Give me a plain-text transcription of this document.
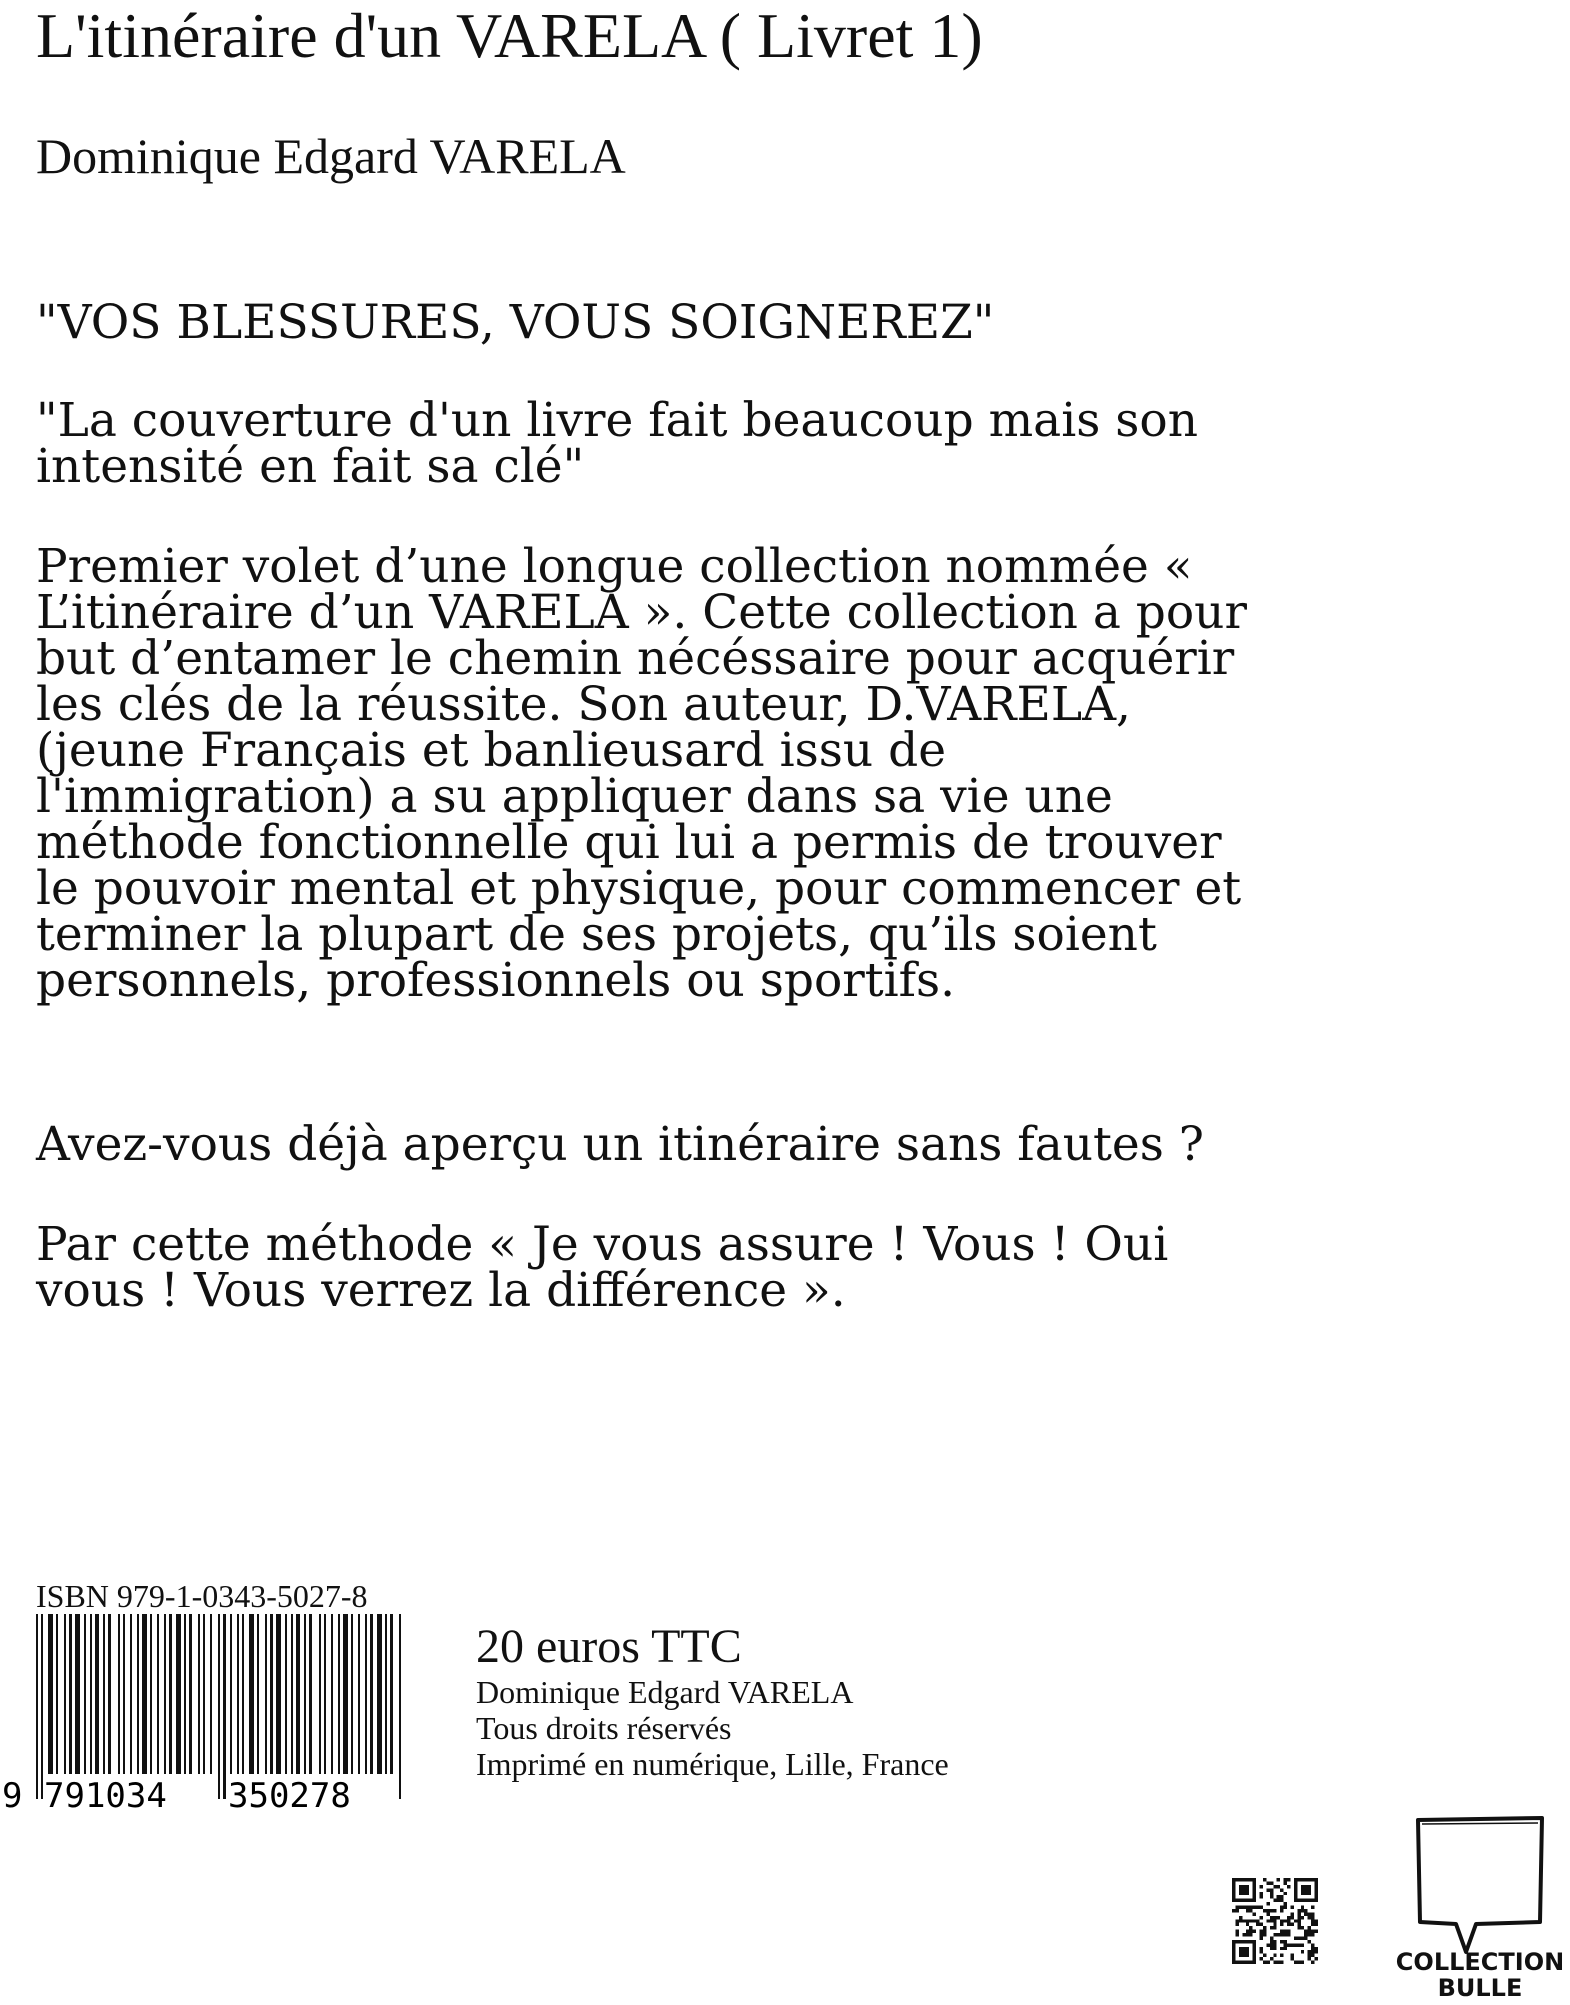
L'itinéraire d'un VARELA ( Livret 1)
Dominique Edgard VARELA

"VOS BLESSURES, VOUS SOIGNEREZ"

"La couverture d'un livre fait beaucoup mais son intensité en fait sa clé"

Premier volet d’une longue collection nommée « L’itinéraire d’un VARELA ». Cette collection a pour but d’entamer le chemin nécéssaire pour acquérir les clés de la réussite. Son auteur, D.VARELA, (jeune Français et banlieusard issu de l'immigration) a su appliquer dans sa vie une méthode fonctionnelle qui lui a permis de trouver le pouvoir mental et physique, pour commencer et terminer la plupart de ses projets, qu’ils soient personnels, professionnels ou sportifs.

Avez-vous déjà aperçu un itinéraire sans fautes ?

Par cette méthode « Je vous assure ! Vous ! Oui vous ! Vous verrez la différence ».

ISBN 979-1-0343-5027-8
9 791034 350278
20 euros TTC
Dominique Edgard VARELA
Tous droits réservés
Imprimé en numérique, Lille, France
COLLECTION
BULLE
